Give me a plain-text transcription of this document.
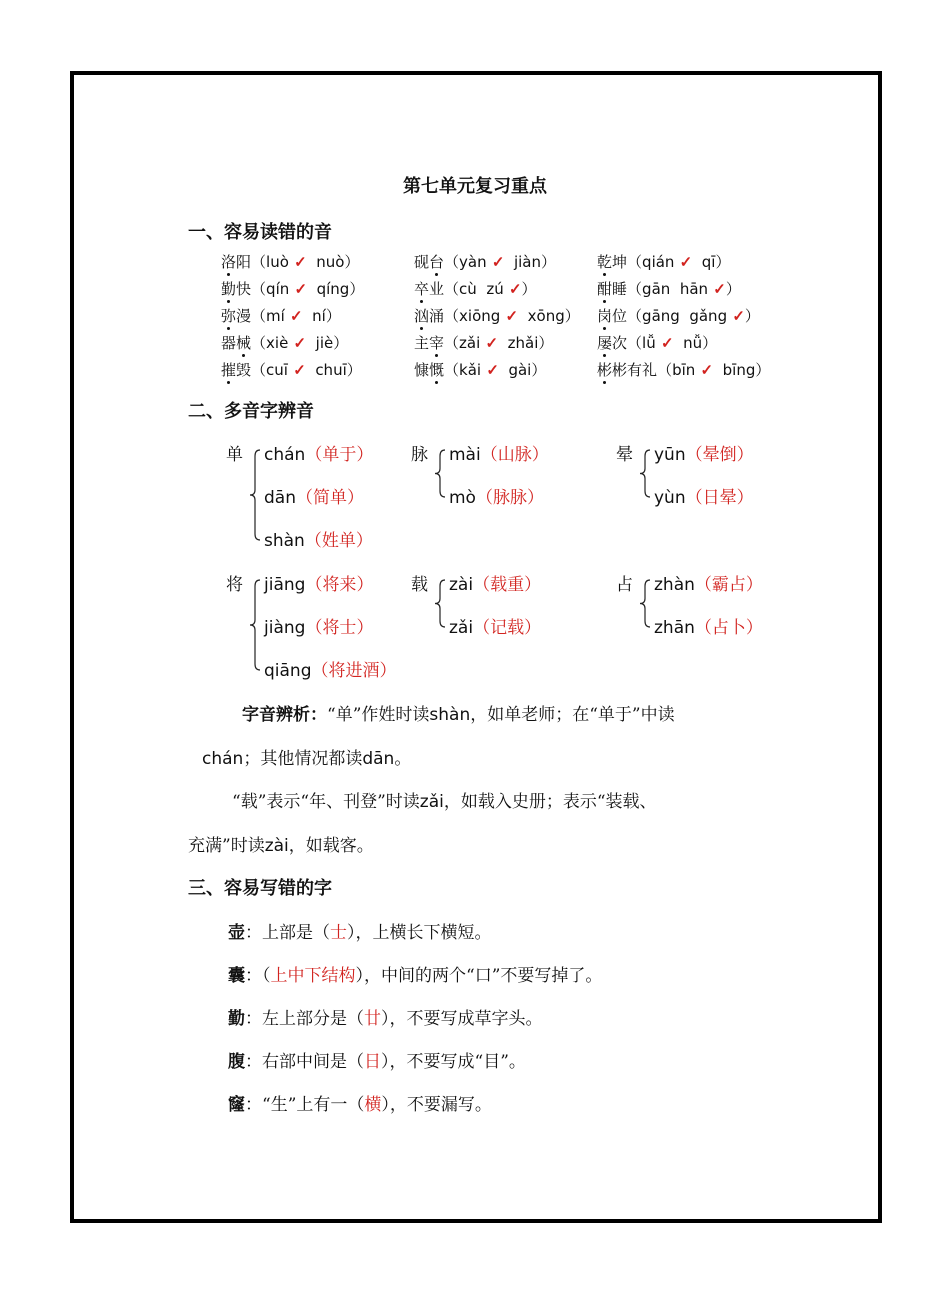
第七单元复习重点
一、容易读错的音
洛阳（luò ✓ nuò）	砚台（yàn ✓ jiàn）	乾坤（qián ✓ qī）
勤快（qín ✓ qíng）	卒业（cù zú ✓）	酣睡（gān hān ✓）
弥漫（mí ✓ ní）	汹涌（xiōng ✓ xōng） 岗位（gāng gǎng ✓）
器械（xiè ✓ jiè）	主宰（zǎi ✓ zhǎi）	屡次（lǚ ✓ nǚ）
摧毁（cuī ✓ chuī）	慷慨（kǎi ✓ gài）	彬彬有礼（bīn ✓ bīng）
二、多音字辨音
单 chán（单于）
dān（简单）
shàn（姓单）
脉 mài（山脉）
mò（脉脉）
晕 yūn（晕倒）
yùn（日晕）
将 jiāng（将来）
jiàng（将士）
qiāng（将进酒）
载 zài（载重）
zǎi（记载）
占 zhàn（霸占）
zhān（占卜）
字音辨析：“单”作姓时读shàn，如单老师；在“单于”中读
chán；其他情况都读dān。
“载”表示“年、刊登”时读zǎi，如载入史册；表示“装载、
充满”时读zài，如载客。
三、容易写错的字
壶：上部是（士），上横长下横短。
囊：（上中下结构），中间的两个“口”不要写掉了。
勤：左上部分是（廿），不要写成草字头。
腹：右部中间是（日），不要写成“目”。
窿：“生”上有一（横），不要漏写。
